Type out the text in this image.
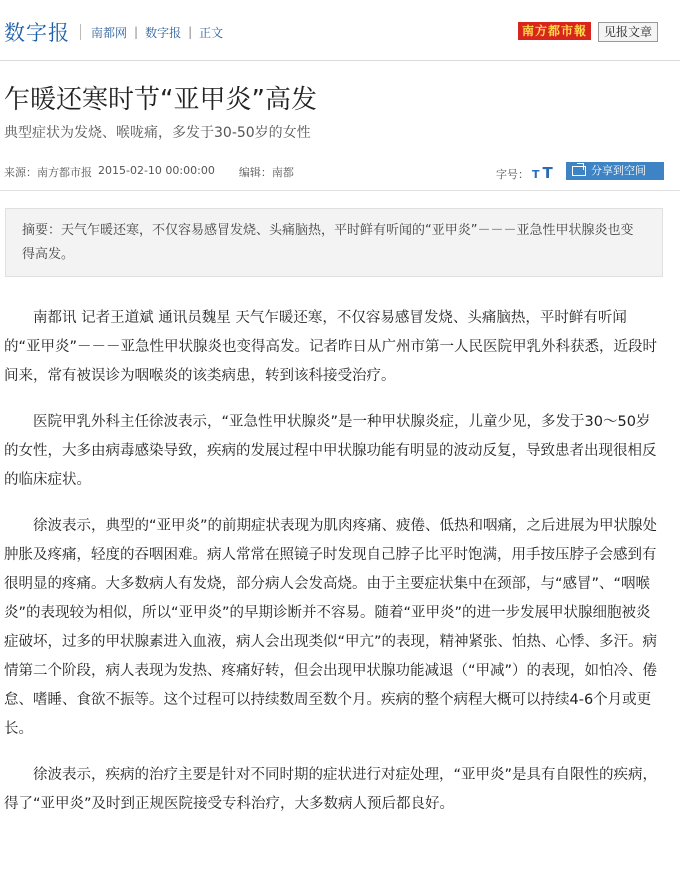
数字报 南都网 | 数字报 | 正文	南方都市報	见报文章
乍暖还寒时节“亚甲炎”高发
典型症状为发烧、喉咙痛，多发于30-50岁的女性
来源：南方都市报 2015-02-10 00:00:00 编辑：南都	字号： T T	分享到空间
摘要：天气乍暖还寒，不仅容易感冒发烧、头痛脑热，平时鲜有听闻的“亚甲炎”－－－亚急性甲状腺炎也变得高发。

南都讯 记者王道斌 通讯员魏星 天气乍暖还寒，不仅容易感冒发烧、头痛脑热，平时鲜有听闻的“亚甲炎”－－－亚急性甲状腺炎也变得高发。记者昨日从广州市第一人民医院甲乳外科获悉，近段时间来，常有被误诊为咽喉炎的该类病患，转到该科接受治疗。

医院甲乳外科主任徐波表示，“亚急性甲状腺炎”是一种甲状腺炎症，儿童少见，多发于30～50岁的女性，大多由病毒感染导致，疾病的发展过程中甲状腺功能有明显的波动反复，导致患者出现很相反的临床症状。

徐波表示，典型的“亚甲炎”的前期症状表现为肌肉疼痛、疲倦、低热和咽痛，之后进展为甲状腺处肿胀及疼痛，轻度的吞咽困难。病人常常在照镜子时发现自己脖子比平时饱满，用手按压脖子会感到有很明显的疼痛。大多数病人有发烧，部分病人会发高烧。由于主要症状集中在颈部，与“感冒”、“咽喉炎”的表现较为相似，所以“亚甲炎”的早期诊断并不容易。随着“亚甲炎”的进一步发展甲状腺细胞被炎症破坏，过多的甲状腺素进入血液，病人会出现类似“甲亢”的表现，精神紧张、怕热、心悸、多汗。病情第二个阶段，病人表现为发热、疼痛好转，但会出现甲状腺功能减退（“甲减”）的表现，如怕冷、倦怠、嗜睡、食欲不振等。这个过程可以持续数周至数个月。疾病的整个病程大概可以持续4-6个月或更长。

徐波表示，疾病的治疗主要是针对不同时期的症状进行对症处理，“亚甲炎”是具有自限性的疾病，得了“亚甲炎”及时到正规医院接受专科治疗，大多数病人预后都良好。
